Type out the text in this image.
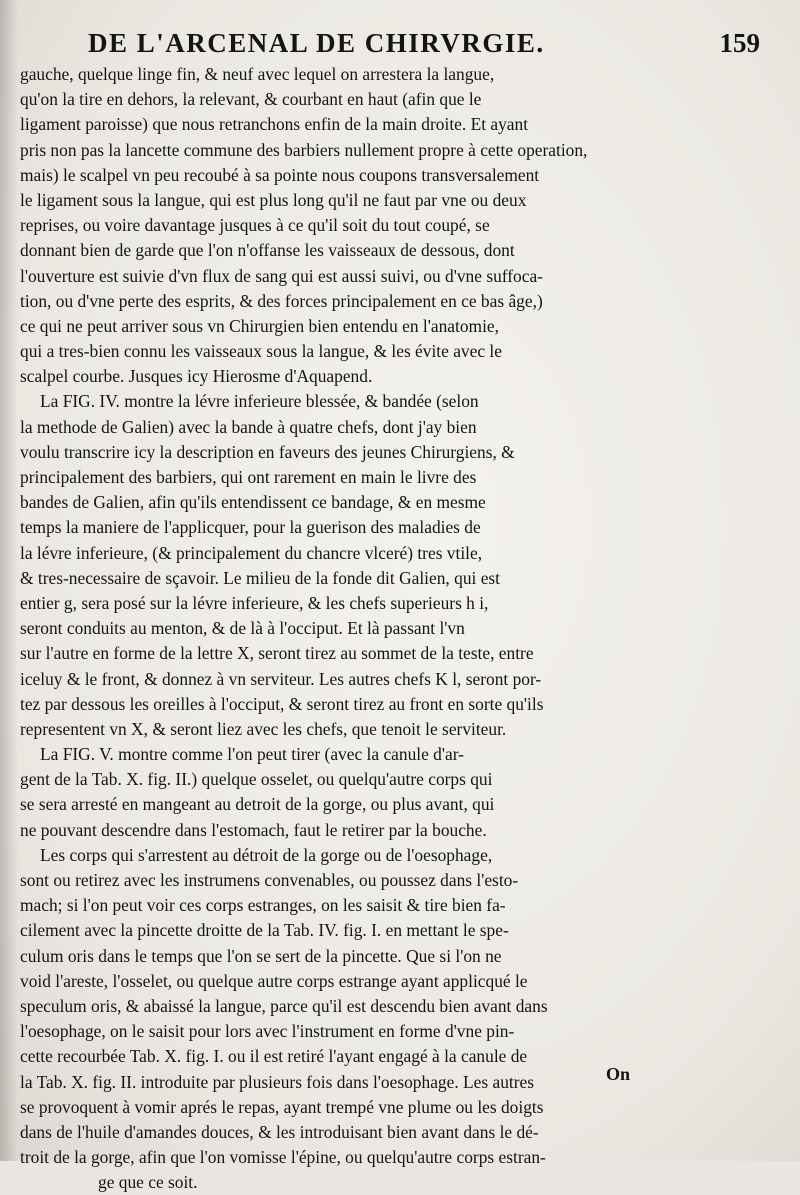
DE L'ARCENAL DE CHIRVRGIE.	159
gauche, quelque linge fin, & neuf avec lequel on arrestera la langue,
qu'on la tire en dehors, la relevant, & courbant en haut (afin que le
ligament paroisse) que nous retranchons enfin de la main droite. Et ayant
pris non pas la lancette commune des barbiers nullement propre à cette operation,
mais) le scalpel vn peu recoubé à sa pointe nous coupons transversalement
le ligament sous la langue, qui est plus long qu'il ne faut par vne ou deux
reprises, ou voire davantage jusques à ce qu'il soit du tout coupé, se
donnant bien de garde que l'on n'offanse les vaisseaux de dessous, dont
l'ouverture est suivie d'vn flux de sang qui est aussi suivi, ou d'vne suffoca-
tion, ou d'vne perte des esprits, & des forces principalement en ce bas âge,)
ce qui ne peut arriver sous vn Chirurgien bien entendu en l'anatomie,
qui a tres-bien connu les vaisseaux sous la langue, & les évite avec le
scalpel courbe. Jusques icy Hierosme d'Aquapend.
La FIG. IV. montre la lévre inferieure blessée, & bandée (selon
la methode de Galien) avec la bande à quatre chefs, dont j'ay bien
voulu transcrire icy la description en faveurs des jeunes Chirurgiens, &
principalement des barbiers, qui ont rarement en main le livre des
bandes de Galien, afin qu'ils entendissent ce bandage, & en mesme
temps la maniere de l'applicquer, pour la guerison des maladies de
la lévre inferieure, (& principalement du chancre vlceré) tres vtile,
& tres-necessaire de sçavoir. Le milieu de la fonde dit Galien, qui est
entier g, sera posé sur la lévre inferieure, & les chefs superieurs h i,
seront conduits au menton, & de là à l'occiput. Et là passant l'vn
sur l'autre en forme de la lettre X, seront tirez au sommet de la teste, entre
iceluy & le front, & donnez à vn serviteur. Les autres chefs K l, seront por-
tez par dessous les oreilles à l'occiput, & seront tirez au front en sorte qu'ils
representent vn X, & seront liez avec les chefs, que tenoit le serviteur.
La FIG. V. montre comme l'on peut tirer (avec la canule d'ar-
gent de la Tab. X. fig. II.) quelque osselet, ou quelqu'autre corps qui
se sera arresté en mangeant au detroit de la gorge, ou plus avant, qui
ne pouvant descendre dans l'estomach, faut le retirer par la bouche.
Les corps qui s'arrestent au détroit de la gorge ou de l'oesophage,
sont ou retirez avec les instrumens convenables, ou poussez dans l'esto-
mach; si l'on peut voir ces corps estranges, on les saisit & tire bien fa-
cilement avec la pincette droitte de la Tab. IV. fig. I. en mettant le spe-
culum oris dans le temps que l'on se sert de la pincette. Que si l'on ne
void l'areste, l'osselet, ou quelque autre corps estrange ayant applicqué le
speculum oris, & abaissé la langue, parce qu'il est descendu bien avant dans
l'oesophage, on le saisit pour lors avec l'instrument en forme d'vne pin-
cette recourbée Tab. X. fig. I. ou il est retiré l'ayant engagé à la canule de
la Tab. X. fig. II. introduite par plusieurs fois dans l'oesophage. Les autres
se provoquent à vomir aprés le repas, ayant trempé vne plume ou les doigts
dans de l'huile d'amandes douces, & les introduisant bien avant dans le dé-
troit de la gorge, afin que l'on vomisse l'épine, ou quelqu'autre corps estran-
ge que ce soit.
On
